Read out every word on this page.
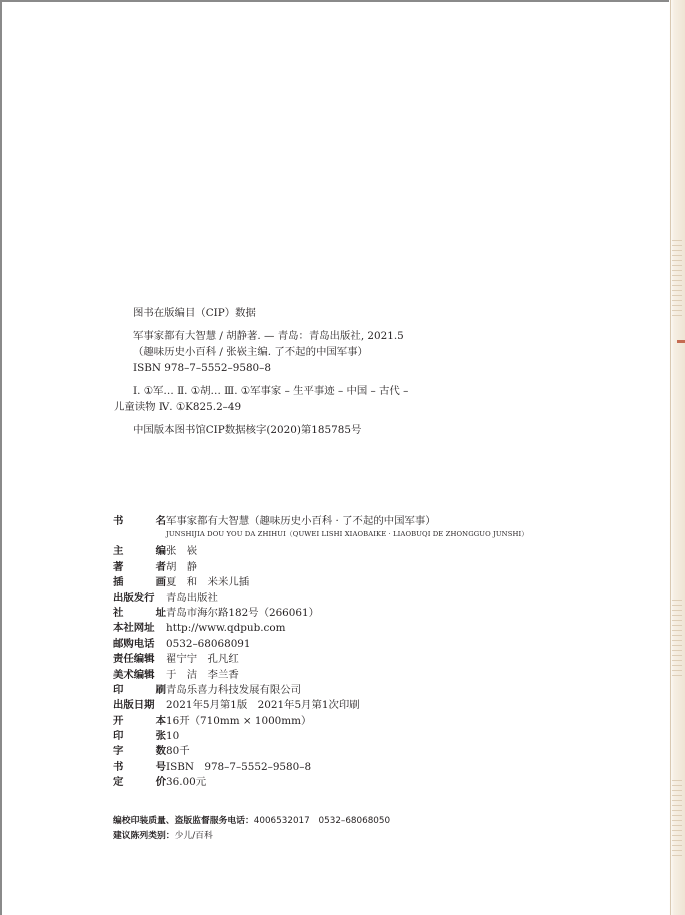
图书在版编目（CIP）数据
军事家都有大智慧 / 胡静著. — 青岛：青岛出版社, 2021.5
（趣味历史小百科 / 张嵚主编. 了不起的中国军事）
ISBN 978–7–5552–9580–8
Ⅰ. ①军… Ⅱ. ①胡… Ⅲ. ①军事家 – 生平事迹 – 中国 – 古代 –
儿童读物 Ⅳ. ①K825.2–49
中国版本图书馆CIP数据核字(2020)第185785号
书	名 军事家都有大智慧（趣味历史小百科 · 了不起的中国军事）
JUNSHIJIA DOU YOU DA ZHIHUI（QUWEI LISHI XIAOBAIKE · LIAOBUQI DE ZHONGGUO JUNSHI）
主	编 张　嵚
著	者 胡　静
插	画 夏　和　米米儿插
出版发行 青岛出版社
社	址 青岛市海尔路182号（266061）
本社网址 http://www.qdpub.com
邮购电话 0532–68068091
责任编辑 翟宁宁　孔凡红
美术编辑 于　洁　李兰香
印	刷 青岛乐喜力科技发展有限公司
出版日期 2021年5月第1版　2021年5月第1次印刷
开	本 16开（710mm × 1000mm）
印	张 10
字	数 80千
书	号 ISBN　978–7–5552–9580–8
定	价 36.00元
编校印装质量、盗版监督服务电话：4006532017　0532–68068050
建议陈列类别：少儿/百科
